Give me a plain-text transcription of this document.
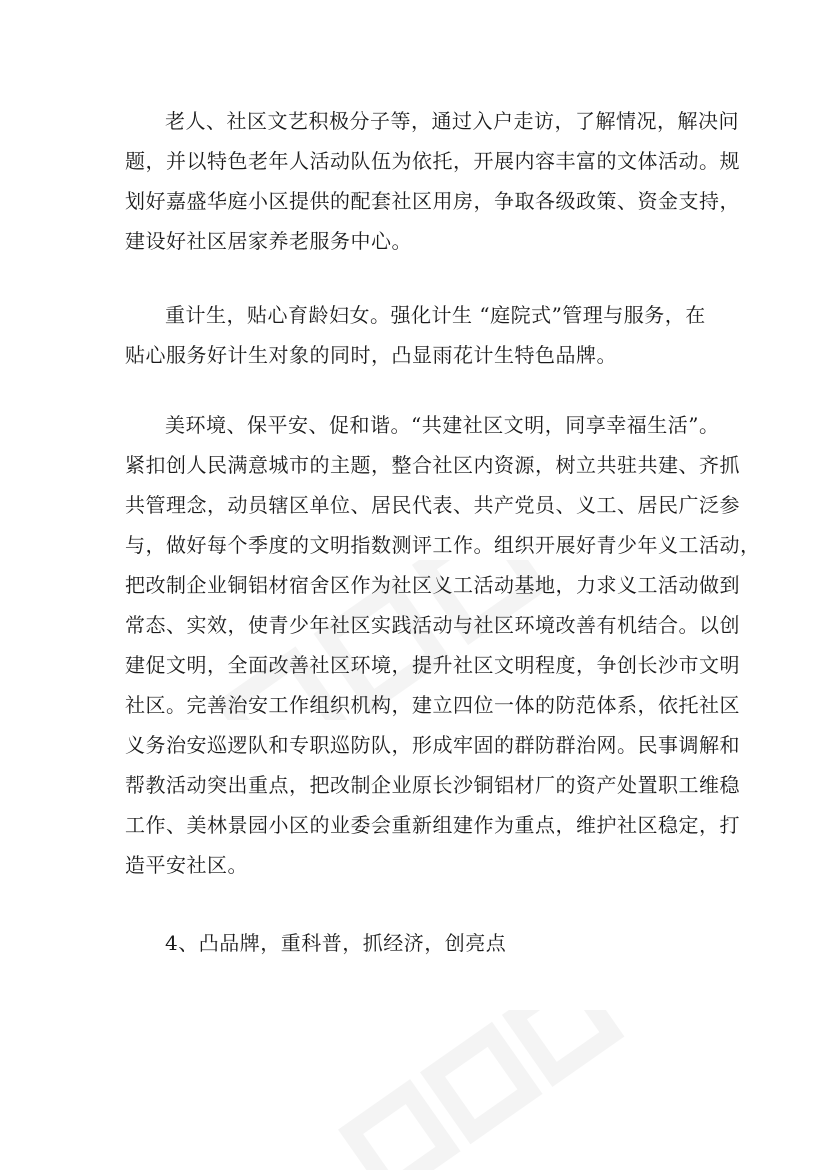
老人、社区文艺积极分子等，通过入户走访，了解情况，解决问
题，并以特色老年人活动队伍为依托，开展内容丰富的文体活动。规
划好嘉盛华庭小区提供的配套社区用房，争取各级政策、资金支持，
建设好社区居家养老服务中心。

重计生，贴心育龄妇女。强化计生 “庭院式”管理与服务，在
贴心服务好计生对象的同时，凸显雨花计生特色品牌。

美环境、保平安、促和谐。“共建社区文明，同享幸福生活”。
紧扣创人民满意城市的主题，整合社区内资源，树立共驻共建、齐抓
共管理念，动员辖区单位、居民代表、共产党员、义工、居民广泛参
与，做好每个季度的文明指数测评工作。组织开展好青少年义工活动，
把改制企业铜铝材宿舍区作为社区义工活动基地，力求义工活动做到
常态、实效，使青少年社区实践活动与社区环境改善有机结合。以创
建促文明，全面改善社区环境，提升社区文明程度，争创长沙市文明
社区。完善治安工作组织机构，建立四位一体的防范体系，依托社区
义务治安巡逻队和专职巡防队，形成牢固的群防群治网。民事调解和
帮教活动突出重点，把改制企业原长沙铜铝材厂的资产处置职工维稳
工作、美林景园小区的业委会重新组建作为重点，维护社区稳定，打
造平安社区。

4、凸品牌，重科普，抓经济，创亮点
